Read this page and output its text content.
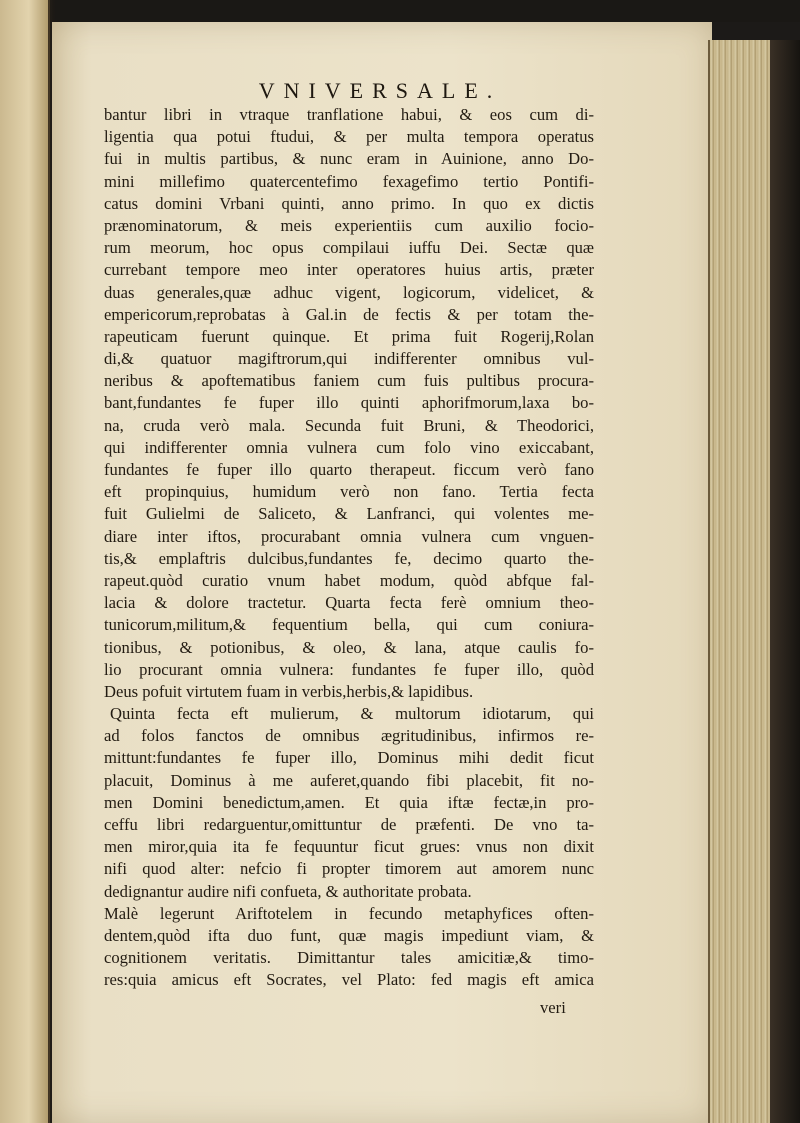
VNIVERSALE.
bantur libri in vtraque tranflatione habui, & eos cum di-
ligentia qua potui ftudui, & per multa tempora operatus
fui in multis partibus, & nunc eram in Auinione, anno Do-
mini millefimo quatercentefimo fexagefimo tertio Pontifi-
catus domini Vrbani quinti, anno primo. In quo ex dictis
prænominatorum, & meis experientiis cum auxilio focio-
rum meorum, hoc opus compilaui iuffu Dei. Sectæ quæ
currebant tempore meo inter operatores huius artis, præter
duas generales,quæ adhuc vigent, logicorum, videlicet, &
empericorum,reprobatas à Gal.in de fectis & per totam the-
rapeuticam fuerunt quinque. Et prima fuit Rogerij,Rolan
di,& quatuor magiftrorum,qui indifferenter omnibus vul-
neribus & apoftematibus faniem cum fuis pultibus procura-
bant,fundantes fe fuper illo quinti aphorifmorum,laxa bo-
na, cruda verò mala. Secunda fuit Bruni, & Theodorici,
qui indifferenter omnia vulnera cum folo vino exiccabant,
fundantes fe fuper illo quarto therapeut. ficcum verò fano
eft propinquius, humidum verò non fano. Tertia fecta
fuit Gulielmi de Saliceto, & Lanfranci, qui volentes me-
diare inter iftos, procurabant omnia vulnera cum vnguen-
tis,& emplaftris dulcibus,fundantes fe, decimo quarto the-
rapeut.quòd curatio vnum habet modum, quòd abfque fal-
lacia & dolore tractetur. Quarta fecta ferè omnium theo-
tunicorum,militum,& fequentium bella, qui cum coniura-
tionibus, & potionibus, & oleo, & lana, atque caulis fo-
lio procurant omnia vulnera: fundantes fe fuper illo, quòd
Deus pofuit virtutem fuam in verbis,herbis,& lapidibus.
Quinta fecta eft mulierum, & multorum idiotarum, qui
ad folos fanctos de omnibus ægritudinibus, infirmos re-
mittunt:fundantes fe fuper illo, Dominus mihi dedit ficut
placuit, Dominus à me auferet,quando fibi placebit, fit no-
men Domini benedictum,amen. Et quia iftæ fectæ,in pro-
ceffu libri redarguentur,omittuntur de præfenti. De vno ta-
men miror,quia ita fe fequuntur ficut grues: vnus non dixit
nifi quod alter: nefcio fi propter timorem aut amorem nunc
dedignantur audire nifi confueta, & authoritate probata.
Malè legerunt Ariftotelem in fecundo metaphyfices often-
dentem,quòd ifta duo funt, quæ magis impediunt viam, &
cognitionem veritatis. Dimittantur tales amicitiæ,& timo-
res:quia amicus eft Socrates, vel Plato: fed magis eft amica
veri
